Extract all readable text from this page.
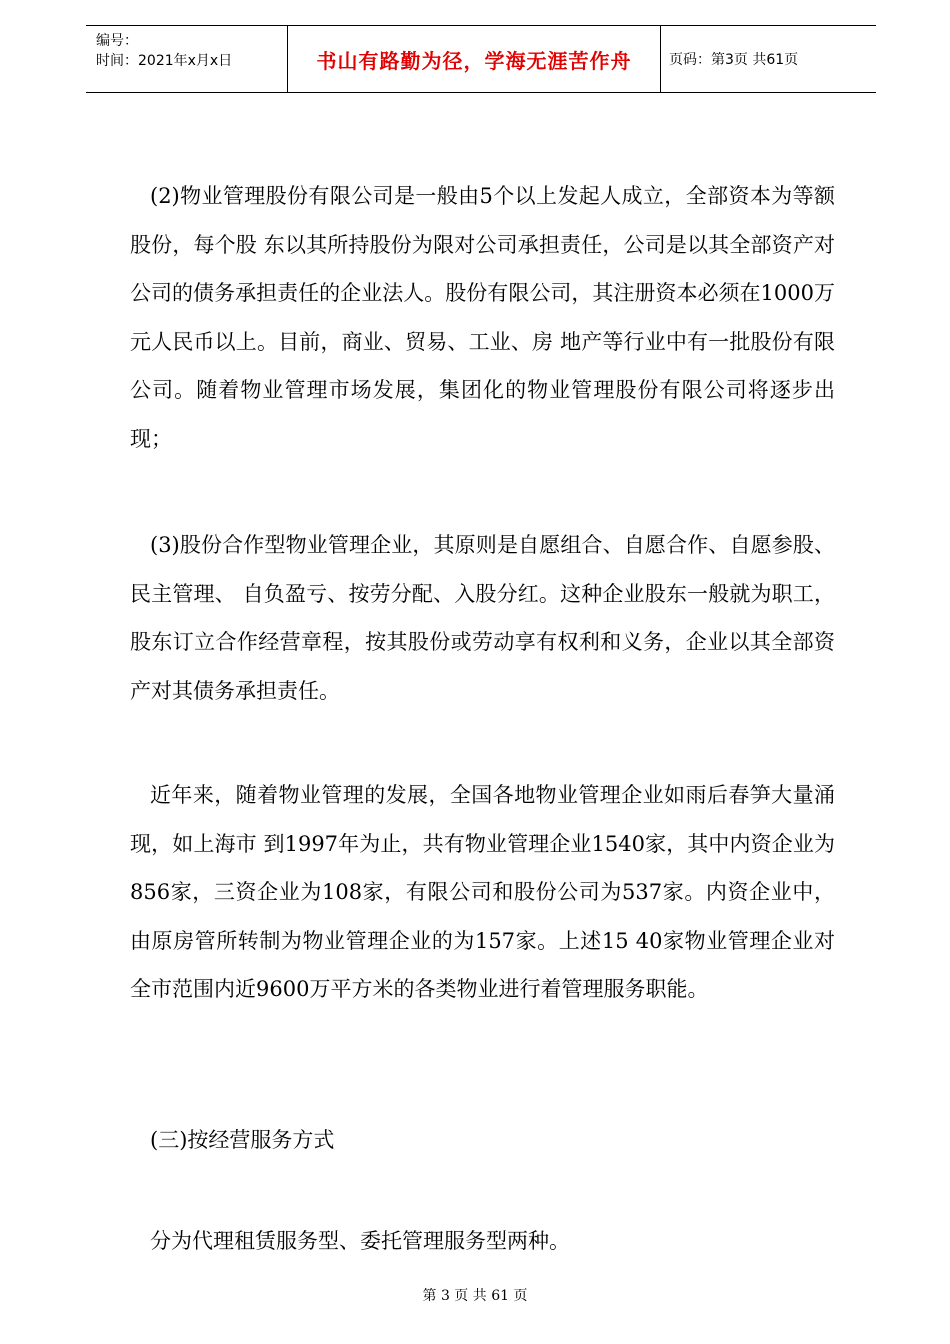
编号：
时间：2021年x月x日	书山有路勤为径，学海无涯苦作舟	页码：第3页 共61页

(2)物业管理股份有限公司是一般由5个以上发起人成立，全部资本为等额股份，每个股 东以其所持股份为限对公司承担责任，公司是以其全部资产对公司的债务承担责任的企业法人。股份有限公司，其注册资本必须在1000万元人民币以上。目前，商业、贸易、工业、房 地产等行业中有一批股份有限公司。随着物业管理市场发展，集团化的物业管理股份有限公司将逐步出现；

(3)股份合作型物业管理企业，其原则是自愿组合、自愿合作、自愿参股、民主管理、 自负盈亏、按劳分配、入股分红。这种企业股东一般就为职工，股东订立合作经营章程，按其股份或劳动享有权利和义务，企业以其全部资产对其债务承担责任。

近年来，随着物业管理的发展，全国各地物业管理企业如雨后春笋大量涌现，如上海市 到1997年为止，共有物业管理企业1540家，其中内资企业为856家，三资企业为108家，有限公司和股份公司为537家。内资企业中，由原房管所转制为物业管理企业的为157家。上述15 40家物业管理企业对全市范围内近9600万平方米的各类物业进行着管理服务职能。

(三)按经营服务方式

分为代理租赁服务型、委托管理服务型两种。

第 3 页 共 61 页
